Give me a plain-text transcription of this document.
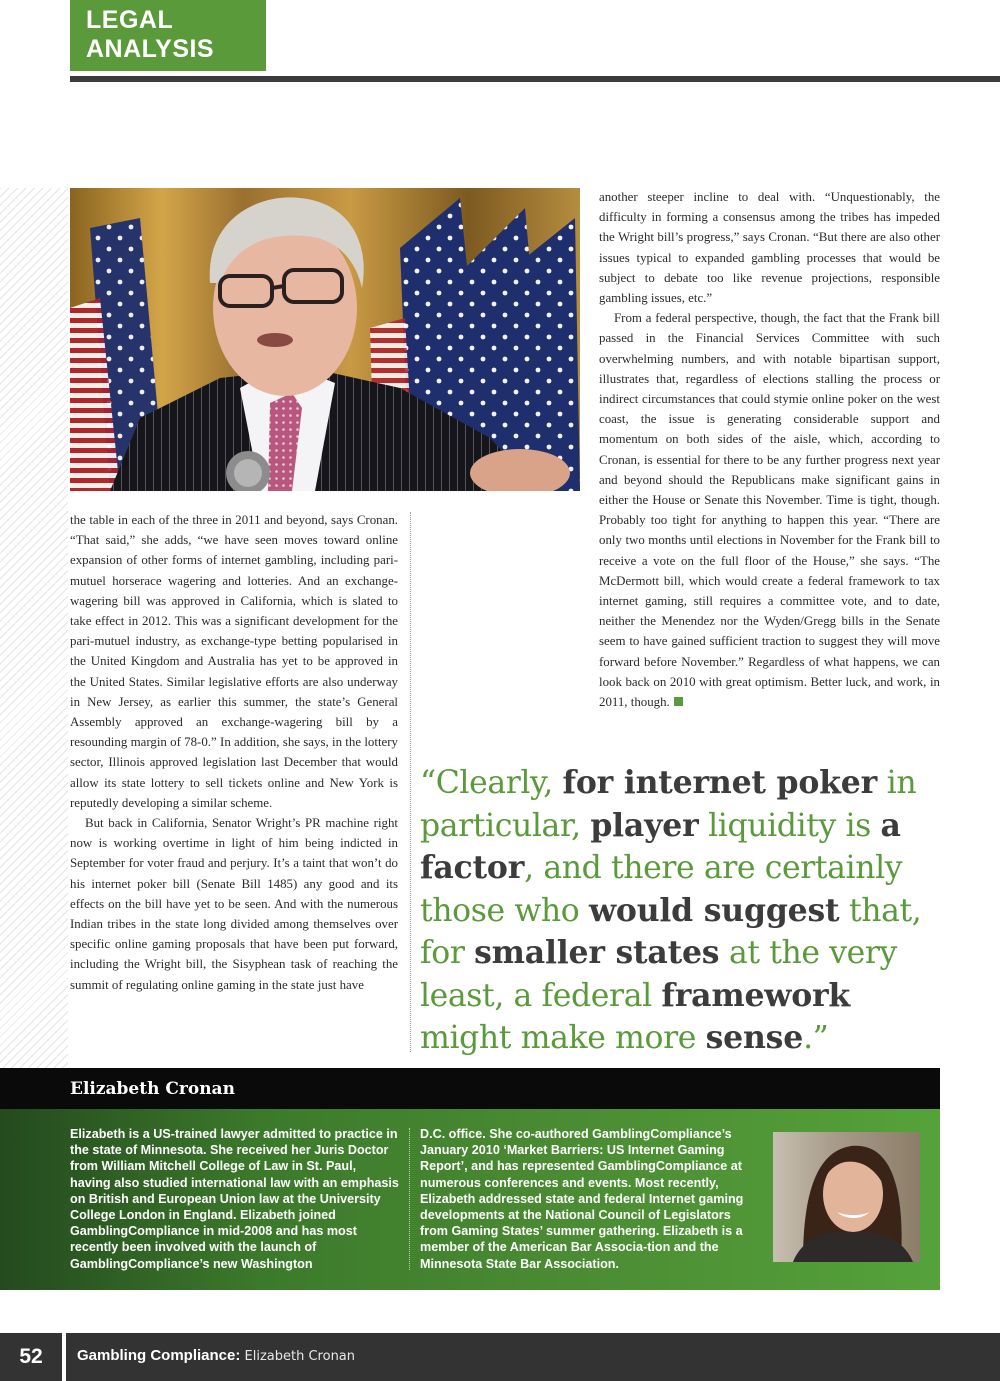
LEGAL ANALYSIS

the table in each of the three in 2011 and beyond, says Cronan. “That said,” she adds, “we have seen moves toward online expansion of other forms of internet gambling, including pari-mutuel horserace wagering and lotteries. And an exchange-wagering bill was approved in California, which is slated to take effect in 2012. This was a significant development for the pari-mutuel industry, as exchange-type betting popularised in the United Kingdom and Australia has yet to be approved in the United States. Similar legislative efforts are also underway in New Jersey, as earlier this summer, the state’s General Assembly approved an exchange-wagering bill by a resounding margin of 78-0.” In addition, she says, in the lottery sector, Illinois approved legislation last December that would allow its state lottery to sell tickets online and New York is reputedly developing a similar scheme.

But back in California, Senator Wright’s PR machine right now is working overtime in light of him being indicted in September for voter fraud and perjury. It’s a taint that won’t do his internet poker bill (Senate Bill 1485) any good and its effects on the bill have yet to be seen. And with the numerous Indian tribes in the state long divided among themselves over specific online gaming proposals that have been put forward, including the Wright bill, the Sisyphean task of reaching the summit of regulating online gaming in the state just have

another steeper incline to deal with. “Unquestionably, the difficulty in forming a consensus among the tribes has impeded the Wright bill’s progress,” says Cronan. “But there are also other issues typical to expanded gambling processes that would be subject to debate too like revenue projections, responsible gambling issues, etc.”

From a federal perspective, though, the fact that the Frank bill passed in the Financial Services Committee with such overwhelming numbers, and with notable bipartisan support, illustrates that, regardless of elections stalling the process or indirect circumstances that could stymie online poker on the west coast, the issue is generating considerable support and momentum on both sides of the aisle, which, according to Cronan, is essential for there to be any further progress next year and beyond should the Republicans make significant gains in either the House or Senate this November. Time is tight, though. Probably too tight for anything to happen this year. “There are only two months until elections in November for the Frank bill to receive a vote on the full floor of the House,” she says. “The McDermott bill, which would create a federal framework to tax internet gaming, still requires a committee vote, and to date, neither the Menendez nor the Wyden/Gregg bills in the Senate seem to have gained sufficient traction to suggest they will move forward before November.” Regardless of what happens, we can look back on 2010 with great optimism. Better luck, and work, in 2011, though.

“Clearly, for internet poker in particular, player liquidity is a factor, and there are certainly those who would suggest that, for smaller states at the very least, a federal framework might make more sense.”
Elizabeth Cronan

Elizabeth is a US-trained lawyer admitted to practice in the state of Minnesota. She received her Juris Doctor from William Mitchell College of Law in St. Paul, having also studied international law with an emphasis on British and European Union law at the University College London in England. Elizabeth joined GamblingCompliance in mid-2008 and has most recently been involved with the launch of GamblingCompliance’s new Washington

D.C. office. She co-authored GamblingCompliance’s January 2010 ‘Market Barriers: US Internet Gaming Report’, and has represented GamblingCompliance at numerous conferences and events. Most recently, Elizabeth addressed state and federal Internet gaming developments at the National Council of Legislators from Gaming States’ summer gathering. Elizabeth is a member of the American Bar Associa-tion and the Minnesota State Bar Association.

52	Gambling Compliance: Elizabeth Cronan
